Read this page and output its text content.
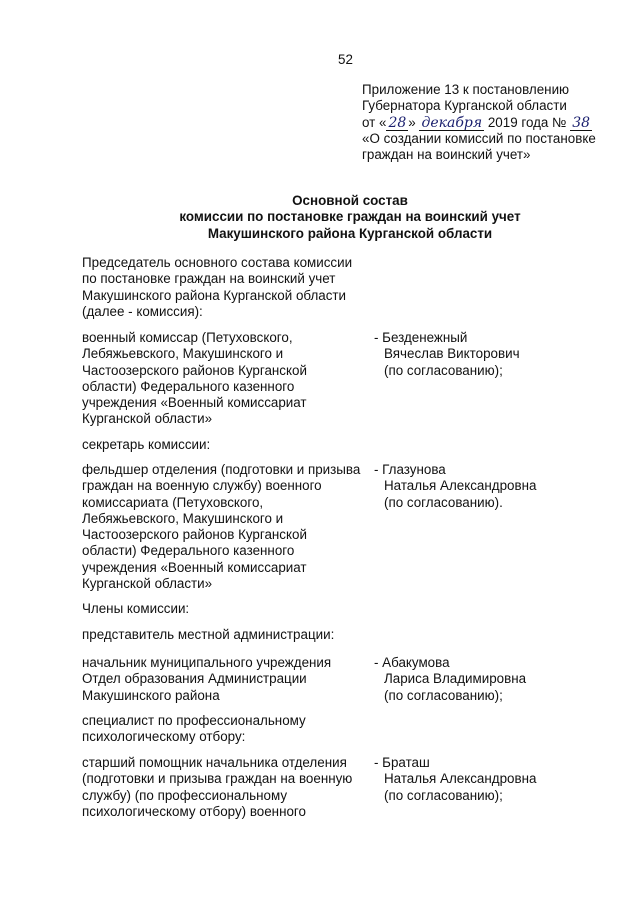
52
Приложение 13 к постановлению
Губернатора Курганской области
от « 28 » декабря 2019 года № 38
«О создании комиссий по постановке
граждан на воинский учет»
Основной состав
комиссии по постановке граждан на воинский учет
Макушинского района Курганской области
Председатель основного состава комиссии
по постановке граждан на воинский учет
Макушинского района Курганской области
(далее - комиссия):
военный комиссар (Петуховского,
Лебяжьевского, Макушинского и
Частоозерского районов Курганской
области) Федерального казенного
учреждения «Военный комиссариат
Курганской области»
- Безденежный
Вячеслав Викторович
(по согласованию);
секретарь комиссии:
фельдшер отделения (подготовки и призыва
граждан на военную службу) военного
комиссариата (Петуховского,
Лебяжьевского, Макушинского и
Частоозерского районов Курганской
области) Федерального казенного
учреждения «Военный комиссариат
Курганской области»
- Глазунова
Наталья Александровна
(по согласованию).
Члены комиссии:
представитель местной администрации:
начальник муниципального учреждения
Отдел образования Администрации
Макушинского района
- Абакумова
Лариса Владимировна
(по согласованию);
специалист по профессиональному
психологическому отбору:
старший помощник начальника отделения
(подготовки и призыва граждан на военную
службу) (по профессиональному
психологическому отбору) военного
- Браташ
Наталья Александровна
(по согласованию);
